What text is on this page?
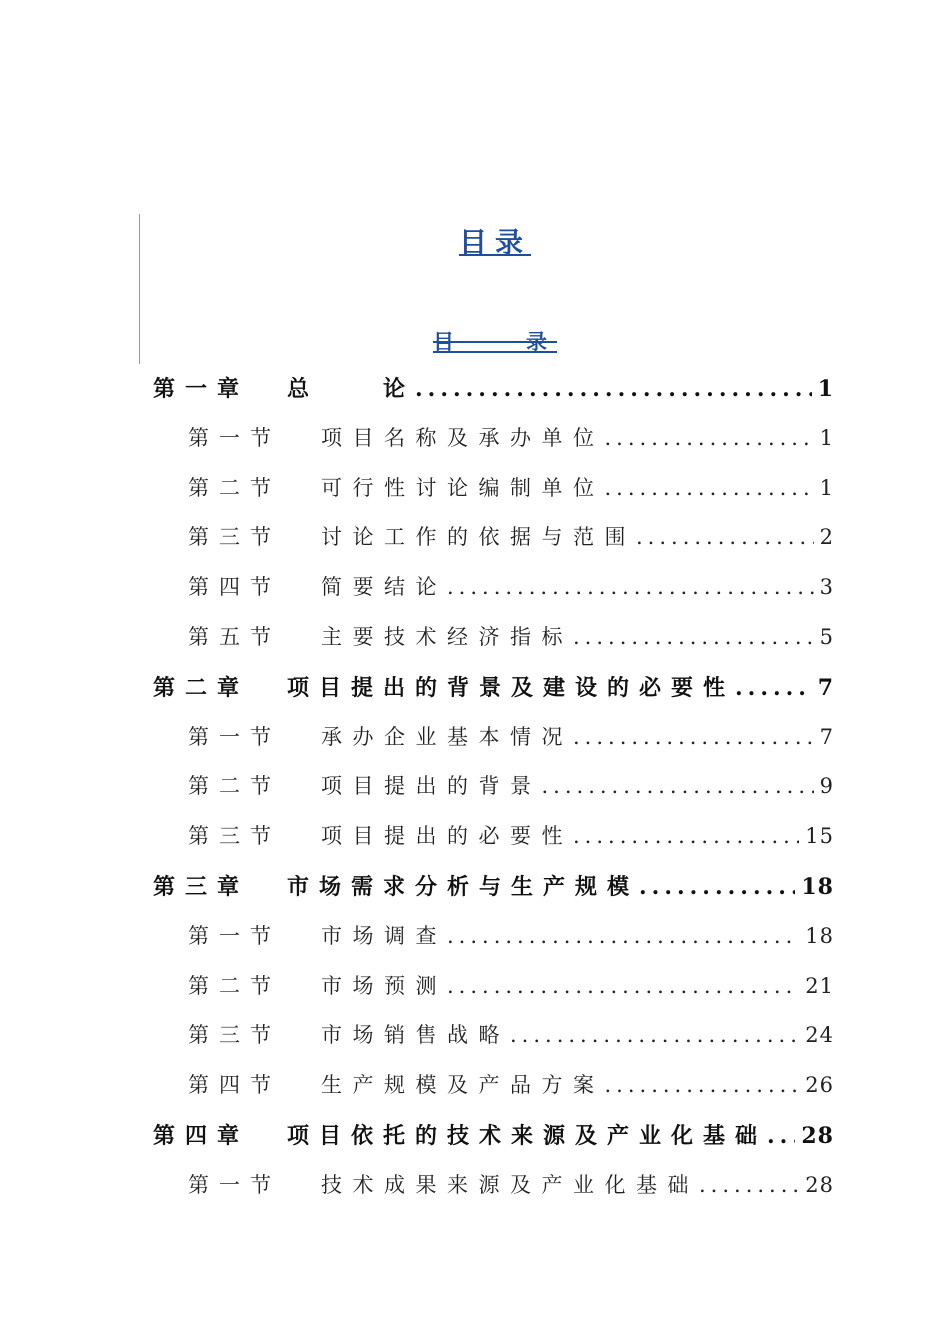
目录
目　　录
第一章	总　　论 .....	1
第一节	项目名称及承办单位 .....	1
第二节	可行性讨论编制单位 .....	1
第三节	讨论工作的依据与范围 .....	2
第四节	简要结论 .....	3
第五节	主要技术经济指标 .....	5
第二章	项目提出的背景及建设的必要性 .....	7
第一节	承办企业基本情况 .....	7
第二节	项目提出的背景 .....	9
第三节	项目提出的必要性 .....	15
第三章	市场需求分析与生产规模 .....	18
第一节	市场调查 .....	18
第二节	市场预测 .....	21
第三节	市场销售战略 .....	24
第四节	生产规模及产品方案 .....	26
第四章	项目依托的技术来源及产业化基础 ..... 28
第一节	技术成果来源及产业化基础 .....	28
